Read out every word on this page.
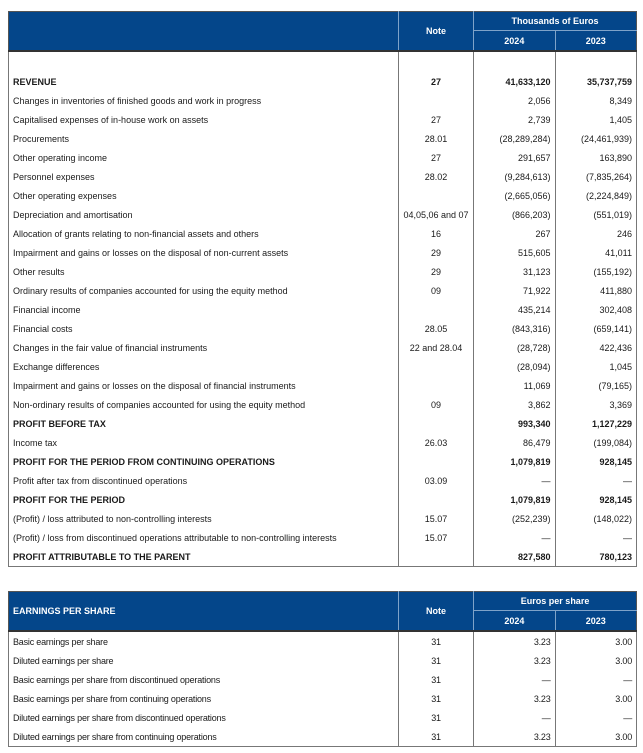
	Note	Thousands of Euros	
		2024	2023

REVENUE	27	41,633,120	35,737,759
Changes in inventories of finished goods and work in progress		2,056	8,349
Capitalised expenses of in-house work on assets	27	2,739	1,405
Procurements	28.01	(28,289,284)	(24,461,939)
Other operating income	27	291,657	163,890
Personnel expenses	28.02	(9,284,613)	(7,835,264)
Other operating expenses		(2,665,056)	(2,224,849)
Depreciation and amortisation	04,05,06 and 07	(866,203)	(551,019)
Allocation of grants relating to non-financial assets and others	16	267	246
Impairment and gains or losses on the disposal of non-current assets	29	515,605	41,011
Other results	29	31,123	(155,192)
Ordinary results of companies accounted for using the equity method	09	71,922	411,880
Financial income		435,214	302,408
Financial costs	28.05	(843,316)	(659,141)
Changes in the fair value of financial instruments	22 and 28.04	(28,728)	422,436
Exchange differences		(28,094)	1,045
Impairment and gains or losses on the disposal of financial instruments		11,069	(79,165)
Non-ordinary results of companies accounted for using the equity method	09	3,862	3,369
PROFIT BEFORE TAX		993,340	1,127,229
Income tax	26.03	86,479	(199,084)
PROFIT FOR THE PERIOD FROM CONTINUING OPERATIONS		1,079,819	928,145
Profit after tax from discontinued operations	03.09	—	—
PROFIT FOR THE PERIOD		1,079,819	928,145
(Profit) / loss attributed to non-controlling interests	15.07	(252,239)	(148,022)
(Profit) / loss from discontinued operations attributable to non-controlling interests	15.07	—	—
PROFIT ATTRIBUTABLE TO THE PARENT		827,580	780,123
EARNINGS PER SHARE	Note	Euros per share	
		2024	2023
Basic earnings per share	31	3.23	3.00
Diluted earnings per share	31	3.23	3.00
Basic earnings per share from discontinued operations	31	—	—
Basic earnings per share from continuing operations	31	3.23	3.00
Diluted earnings per share from discontinued operations	31	—	—
Diluted earnings per share from continuing operations	31	3.23	3.00
